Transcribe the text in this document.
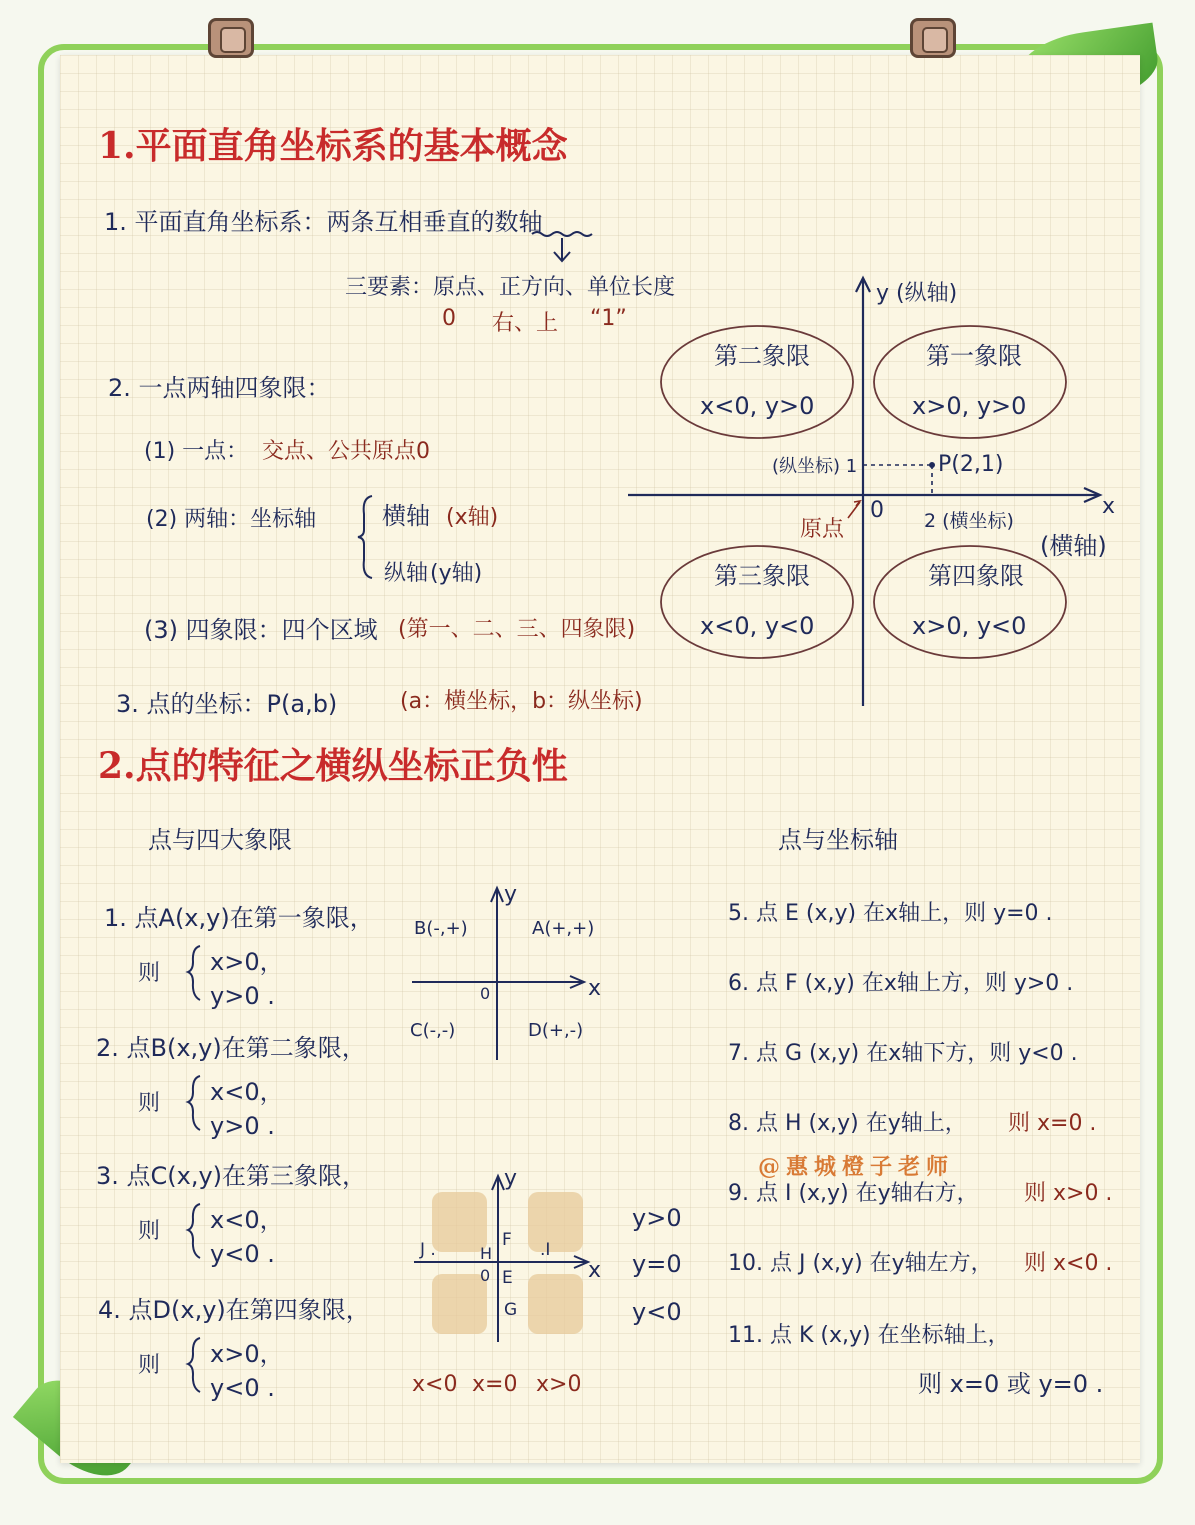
1.平面直角坐标系的基本概念
1. 平面直角坐标系：两条互相垂直的数轴
三要素：原点、正方向、单位长度
0 右、上 “1”
2. 一点两轴四象限：
(1) 一点： 交点、公共原点0
(2) 两轴：坐标轴	横轴 (x轴)
纵轴 (y轴)
(3) 四象限：四个区域 (第一、二、三、四象限)
3. 点的坐标：P(a,b)	(a：横坐标，b：纵坐标)
y (纵轴)
x
(横轴)
0
原点
P(2,1)
(纵坐标) 1
2 (横坐标)
第二象限
x<0, y>0
第一象限
x>0, y>0
第三象限
x<0, y<0
第四象限
x>0, y<0
2.点的特征之横纵坐标正负性
点与四大象限	点与坐标轴
1. 点A(x,y)在第一象限，
则 x>0，
y>0 .
2. 点B(x,y)在第二象限，
则 x<0，
y>0 .
3. 点C(x,y)在第三象限，
则 x<0，
y<0 .
4. 点D(x,y)在第四象限，
则 x>0，
y<0 .
y
x
0
A(+,+)
B(-,+)
C(-,-)	D(+,-)
y
x
0
F
E
G
H	.I
J .
y>0
y=0
y<0
x<0 x=0 x>0
5. 点 E (x,y) 在x轴上，则 y=0 .
6. 点 F (x,y) 在x轴上方，则 y>0 .
7. 点 G (x,y) 在x轴下方，则 y<0 .
8. 点 H (x,y) 在y轴上， 则 x=0 .
@惠城橙子老师
9. 点 I (x,y) 在y轴右方， 则 x>0 .
10. 点 J (x,y) 在y轴左方， 则 x<0 .
11. 点 K (x,y) 在坐标轴上，
则 x=0 或 y=0 .
